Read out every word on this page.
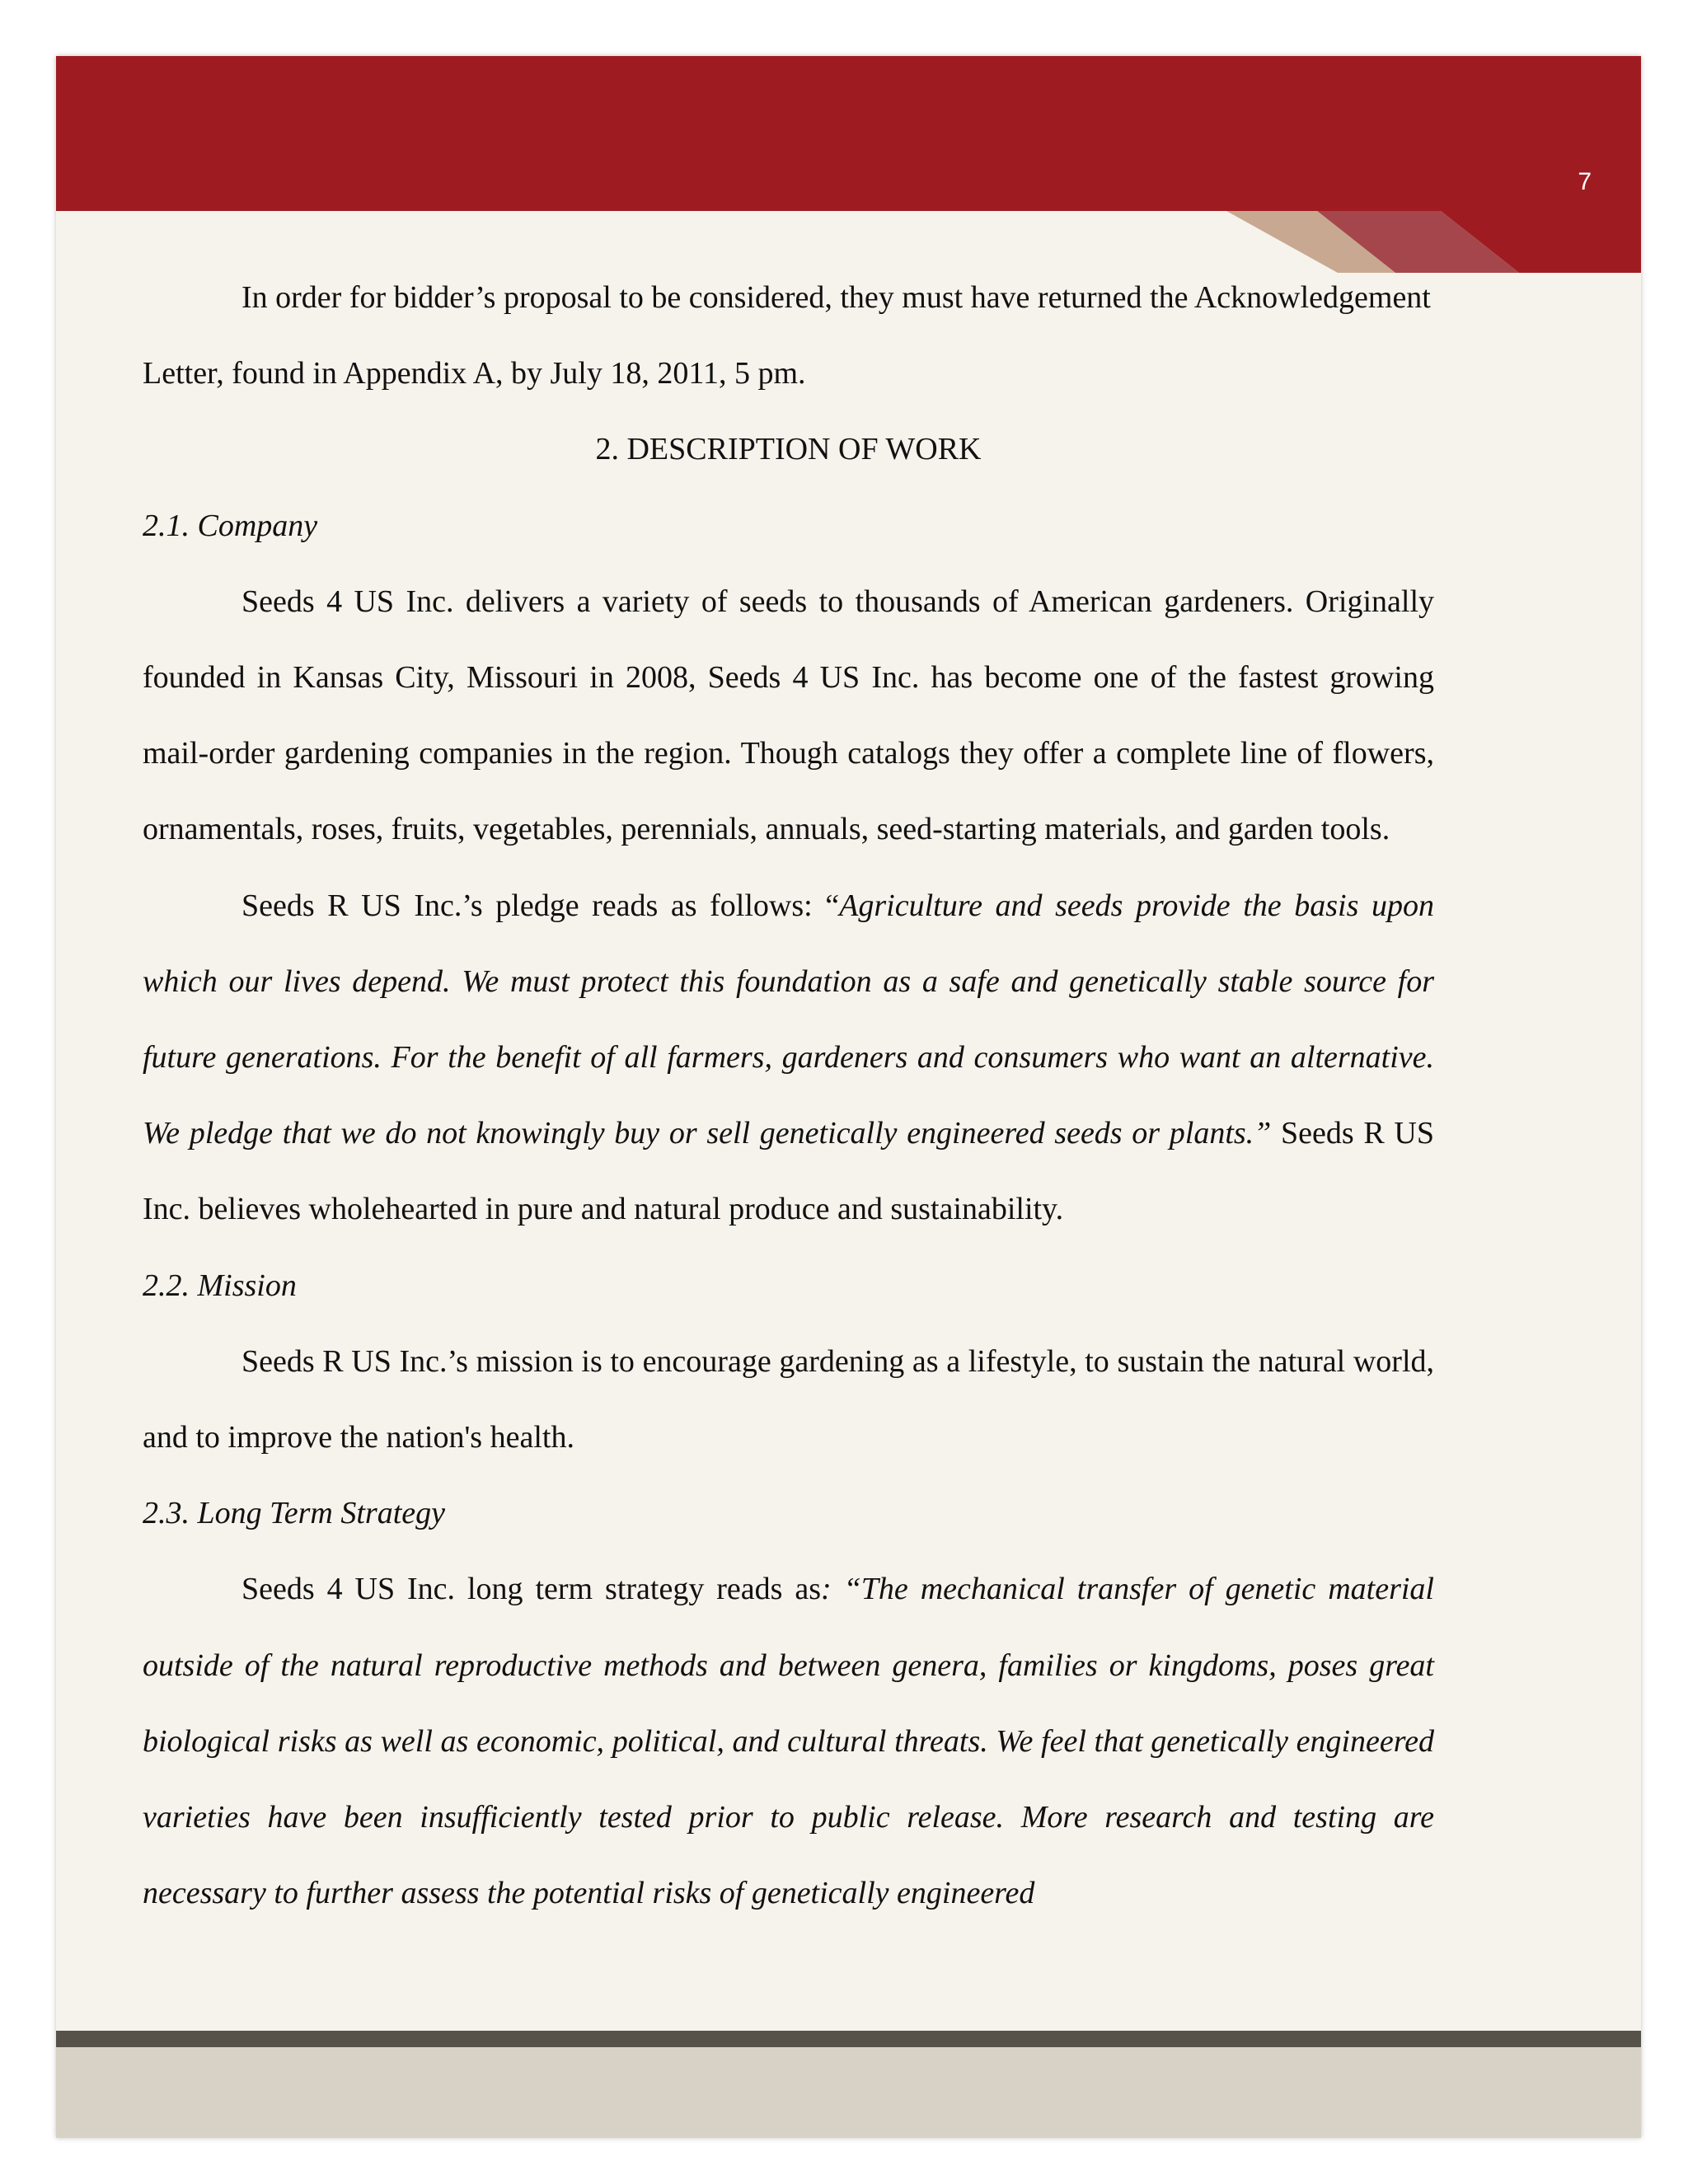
7

In order for bidder’s proposal to be considered, they must have returned the Acknowledgement Letter, found in Appendix A, by July 18, 2011, 5 pm.

2. DESCRIPTION OF WORK

2.1. Company

Seeds 4 US Inc. delivers a variety of seeds to thousands of American gardeners. Originally founded in Kansas City, Missouri in 2008, Seeds 4 US Inc. has become one of the fastest growing mail-order gardening companies in the region. Though catalogs they offer a complete line of flowers, ornamentals, roses, fruits, vegetables, perennials, annuals, seed-starting materials, and garden tools.

Seeds R US Inc.’s pledge reads as follows: “Agriculture and seeds provide the basis upon which our lives depend. We must protect this foundation as a safe and genetically stable source for future generations. For the benefit of all farmers, gardeners and consumers who want an alternative. We pledge that we do not knowingly buy or sell genetically engineered seeds or plants.” Seeds R US Inc. believes wholehearted in pure and natural produce and sustainability.

2.2. Mission

Seeds R US Inc.’s mission is to encourage gardening as a lifestyle, to sustain the natural world, and to improve the nation's health.

2.3. Long Term Strategy

Seeds 4 US Inc. long term strategy reads as: “The mechanical transfer of genetic material outside of the natural reproductive methods and between genera, families or kingdoms, poses great biological risks as well as economic, political, and cultural threats. We feel that genetically engineered varieties have been insufficiently tested prior to public release. More research and testing are necessary to further assess the potential risks of genetically engineered
